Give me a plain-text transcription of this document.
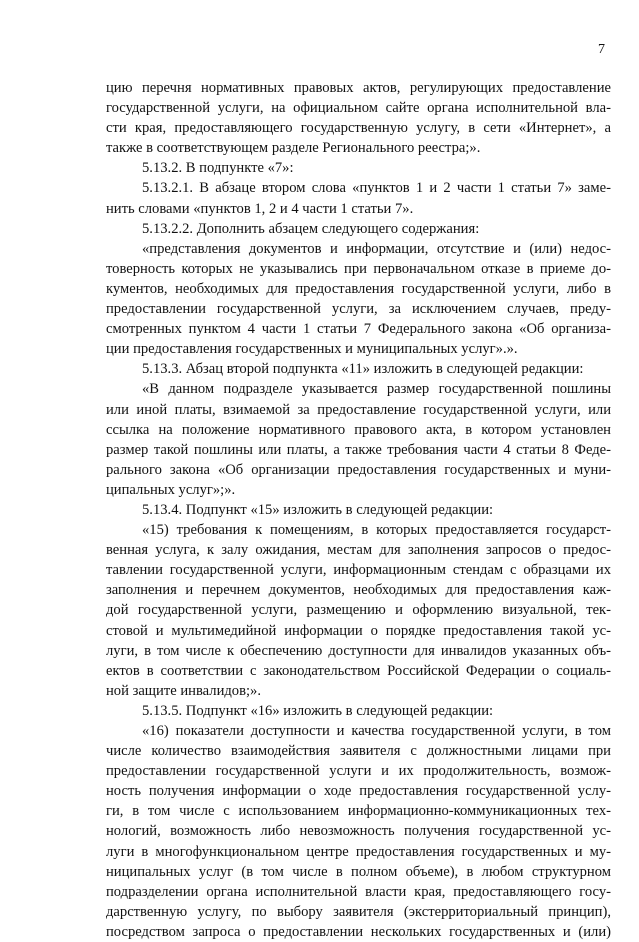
7
цию перечня нормативных правовых актов, регулирующих предоставление
государственной услуги, на официальном сайте органа исполнительной вла-
сти края, предоставляющего государственную услугу, в сети «Интернет», а
также в соответствующем разделе Регионального реестра;».
5.13.2. В подпункте «7»:
5.13.2.1. В абзаце втором слова «пунктов 1 и 2 части 1 статьи 7» заме-
нить словами «пунктов 1, 2 и 4 части 1 статьи 7».
5.13.2.2. Дополнить абзацем следующего содержания:
«представления документов и информации, отсутствие и (или) недос-
товерность которых не указывались при первоначальном отказе в приеме до-
кументов, необходимых для предоставления государственной услуги, либо в
предоставлении государственной услуги, за исключением случаев, преду-
смотренных пунктом 4 части 1 статьи 7 Федерального закона «Об организа-
ции предоставления государственных и муниципальных услуг».».
5.13.3. Абзац второй подпункта «11» изложить в следующей редакции:
«В данном подразделе указывается размер государственной пошлины
или иной платы, взимаемой за предоставление государственной услуги, или
ссылка на положение нормативного правового акта, в котором установлен
размер такой пошлины или платы, а также требования части 4 статьи 8 Феде-
рального закона «Об организации предоставления государственных и муни-
ципальных услуг»;».
5.13.4. Подпункт «15» изложить в следующей редакции:
«15) требования к помещениям, в которых предоставляется государст-
венная услуга, к залу ожидания, местам для заполнения запросов о предос-
тавлении государственной услуги, информационным стендам с образцами их
заполнения и перечнем документов, необходимых для предоставления каж-
дой государственной услуги, размещению и оформлению визуальной, тек-
стовой и мультимедийной информации о порядке предоставления такой ус-
луги, в том числе к обеспечению доступности для инвалидов указанных объ-
ектов в соответствии с законодательством Российской Федерации о социаль-
ной защите инвалидов;».
5.13.5. Подпункт «16» изложить в следующей редакции:
«16) показатели доступности и качества государственной услуги, в том
числе количество взаимодействия заявителя с должностными лицами при
предоставлении государственной услуги и их продолжительность, возмож-
ность получения информации о ходе предоставления государственной услу-
ги, в том числе с использованием информационно-коммуникационных тех-
нологий, возможность либо невозможность получения государственной ус-
луги в многофункциональном центре предоставления государственных и му-
ниципальных услуг (в том числе в полном объеме), в любом структурном
подразделении органа исполнительной власти края, предоставляющего госу-
дарственную услугу, по выбору заявителя (экстерриториальный принцип),
посредством запроса о предоставлении нескольких государственных и (или)
